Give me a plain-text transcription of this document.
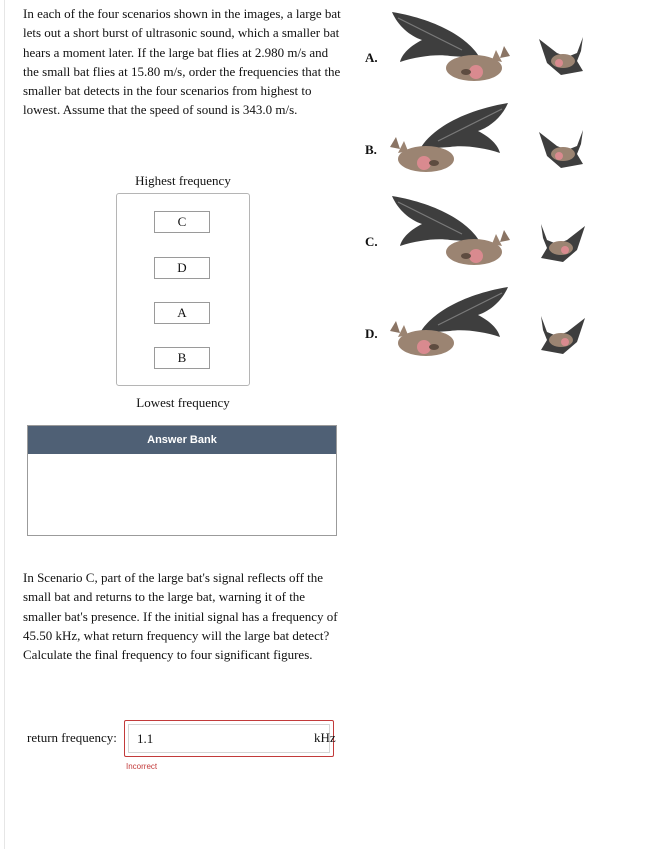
In each of the four scenarios shown in the images, a large bat lets out a short burst of ultrasonic sound, which a smaller bat hears a moment later. If the large bat flies at 2.980 m/s and the small bat flies at 15.80 m/s, order the frequencies that the smaller bat detects in the four scenarios from highest to lowest. Assume that the speed of sound is 343.0 m/s.

Highest frequency
C
D
A
B
Lowest frequency
Answer Bank

In Scenario C, part of the large bat's signal reflects off the small bat and returns to the large bat, warning it of the smaller bat's presence. If the initial signal has a frequency of 45.50 kHz, what return frequency will the large bat detect? Calculate the final frequency to four significant figures.

return frequency:
1.1	kHz
Incorrect
A.
B.
C.
D.
